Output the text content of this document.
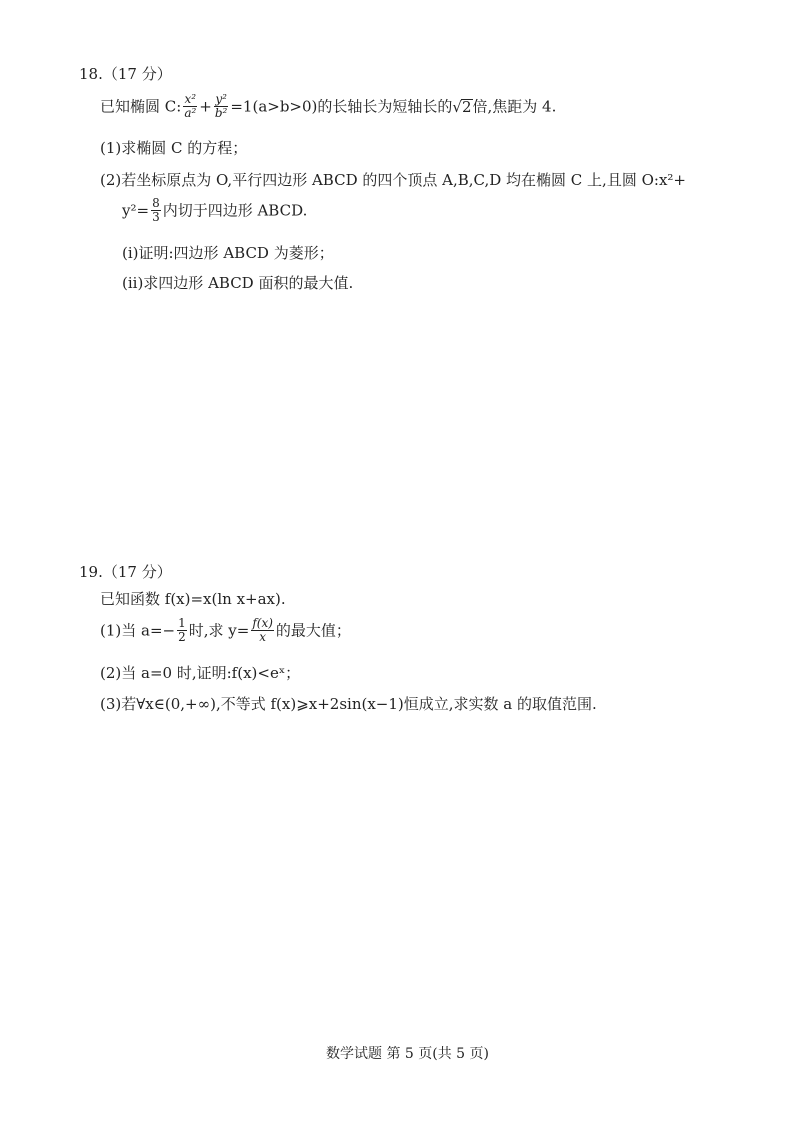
18.（17 分）
已知椭圆 C: $\frac{\text{x²}}{\text{a²}} + \frac{\text{y²}}{\text{b²}} =1(a>b>0)$的长轴长为短轴长的√2倍,焦距为 4.
(1)求椭圆 C 的方程；
(2)若坐标原点为 O,平行四边形 ABCD 的四个顶点 A,B,C,D 均在椭圆 C 上,且圆 O:x²+
$y^2= \frac{8}{3}$ 内切于四边形 ABCD.
(i)证明:四边形 ABCD 为菱形；
(ii)求四边形 ABCD 面积的最大值.
19.（17 分）
已知函数 f(x)=x(ln x+ax).
(1)当 $a=- \frac{1}{2}$ 时,求 $y= \frac{f(x)}{x}$ 的最大值；
(2)当 a=0 时,证明:f(x)<eˣ；
(3)若∀x∈(0,+∞),不等式 f(x)⩾x+2sin(x−1)恒成立,求实数 a 的取值范围.
数学试题 第 5 页(共 5 页)
